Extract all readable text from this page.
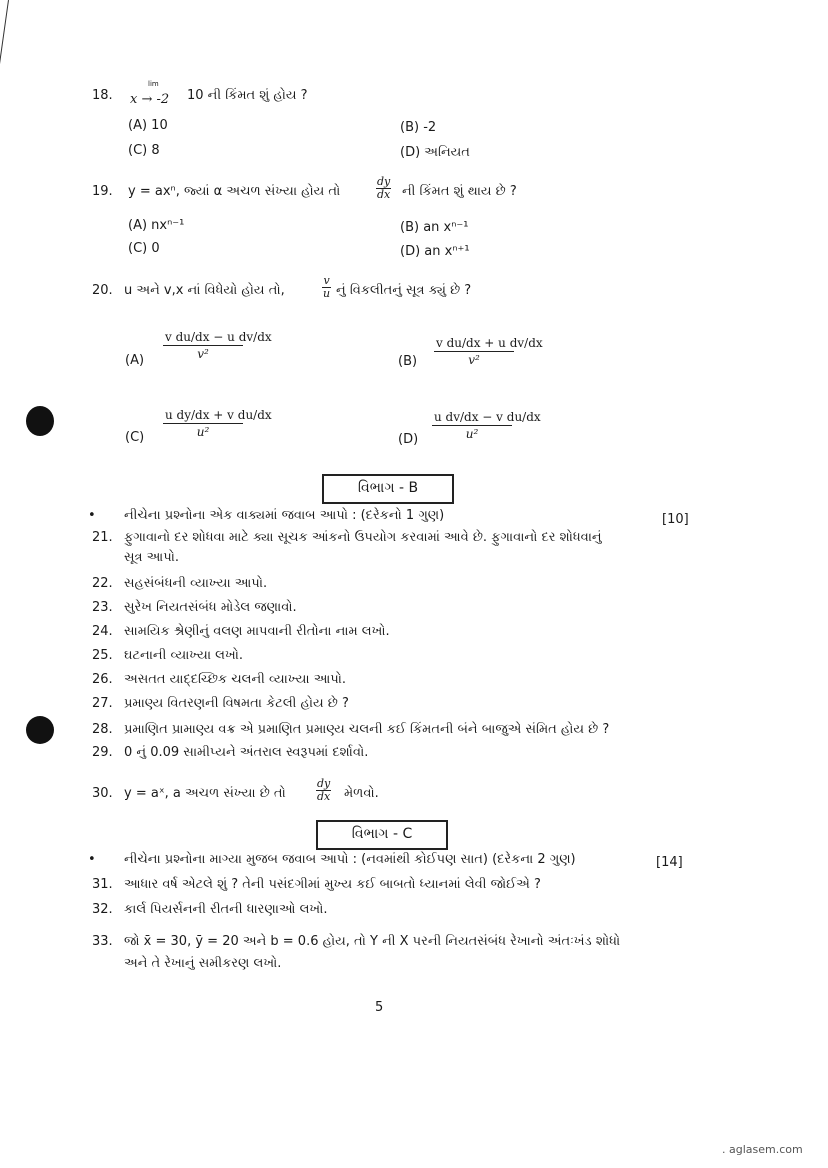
18.
lim
x → -2 10 ની કિંમત શું હોય ?
(A) 10	(B) -2
(C) 8	(D) અનિયત
19. y = axⁿ, જ્યાં α અચળ સંખ્યા હોય તો	$\frac{dy}{dx}$ ની કિંમત શું થાય છે ?
(A) nxⁿ⁻¹	(B) an xⁿ⁻¹
(C) 0	(D) an xⁿ⁺¹
20. u અને v,x નાં વિધેયો હોય તો,	$\frac{v}{u}$ નું વિકલીતનું સૂત્ર ક્યું છે ?
$(A) \frac{\text{v du/dx − u dv/dx}}{\text{v²}}$
$(B) \frac{\text{v du/dx + u dv/dx}}{\text{v²}}$
$(C) \frac{\text{u dy/dx + v du/dx}}{\text{u²}}$
$(D) \frac{\text{u dv/dx − v du/dx}}{\text{u²}}$
વિભાગ - B
• નીચેના પ્રશ્નોના એક વાક્યમાં જવાબ આપો : (દરેકનો 1 ગુણ)	[10]
21. ફુગાવાનો દર શોધવા માટે ક્યા સૂચક આંકનો ઉપયોગ કરવામાં આવે છે. ફુગાવાનો દર શોધવાનું
સૂત્ર આપો.
22. સહસંબંધની વ્યાખ્યા આપો.
23. સુરેખ નિયતસંબંધ મોડેલ જણાવો.
24. સામયિક શ્રેણીનું વલણ માપવાની રીતોના નામ લખો.
25. ઘટનાની વ્યાખ્યા લખો.
26. અસતત યાદ્દચ્છિક ચલની વ્યાખ્યા આપો.
27. પ્રમાણ્ય વિતરણની વિષમતા કેટલી હોય છે ?
28. પ્રમાણિત પ્રામાણ્ય વક્ર એ પ્રમાણિત પ્રમાણ્ય ચલની કઈ કિંમતની બંને બાજુએ સંમિત હોય છે ?
29. 0 નું 0.09 સામીપ્યને અંતરાલ સ્વરૂપમાં દર્શાવો.
30. y = aˣ, a અચળ સંખ્યા છે તો	$\frac{dy}{dx}$ મેળવો.
વિભાગ - C
• નીચેના પ્રશ્નોના માગ્યા મુજબ જવાબ આપો : (નવમાંથી કોઈપણ સાત) (દરેકના 2 ગુણ)	[14]
31. આધાર વર્ષ એટલે શું ? તેની પસંદગીમાં મુખ્ય કઈ બાબતો ધ્યાનમાં લેવી જોઈએ ?
32. કાર્લ પિયર્સનની રીતની ધારણાઓ લખો.
33. જો x̄ = 30, ȳ = 20 અને b = 0.6 હોય, તો Y ની X પરની નિયતસંબંધ રેખાનો અંતઃખંડ શોધો
અને તે રેખાનું સમીકરણ લખો.
5
. aglasem.com
